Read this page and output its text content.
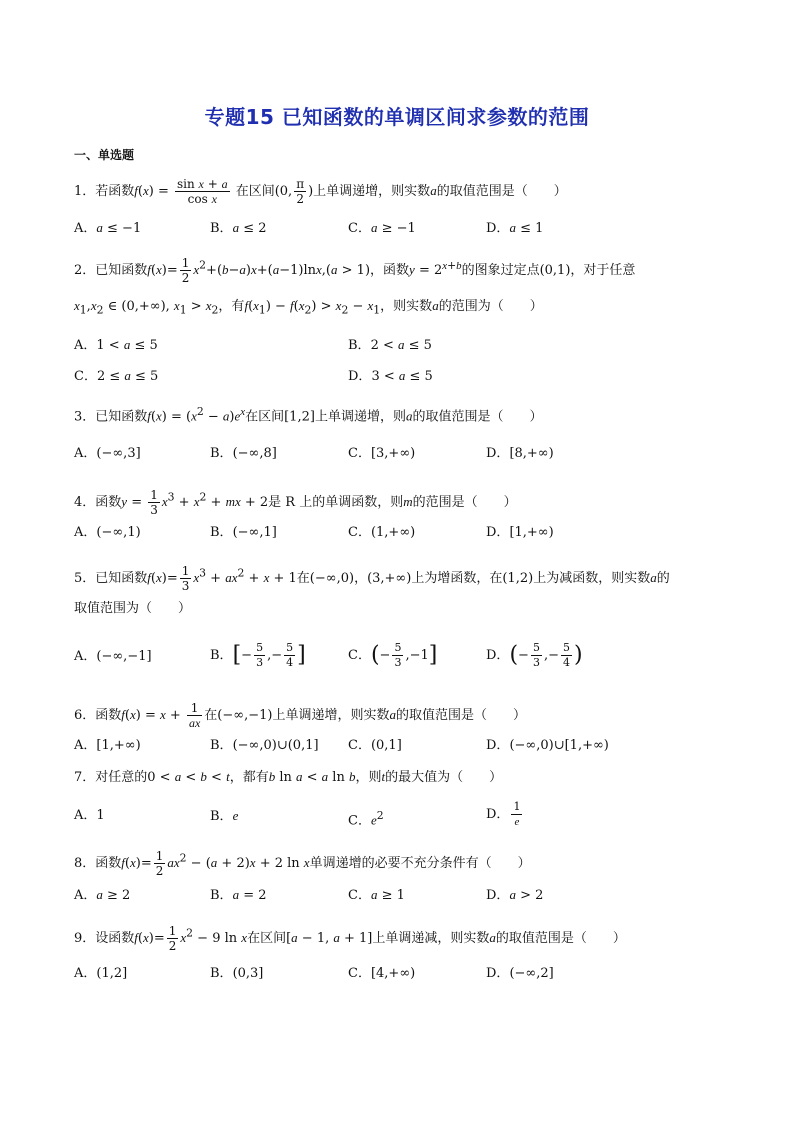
专题15 已知函数的单调区间求参数的范围
一、单选题
1．若函数$f(x) = \frac{\text{sin x + a}}{\text{cos x}}$ 在区间(0, $\frac{\pi}{2}$ )上单调递增，则实数a的取值范围是（　　）
A．a ≤ −1	B．a ≤ 2	C．a ≥ −1	D．a ≤ 1
2．已知函数$f(x)= \frac{1}{2} x^2+(b-a)x+(a-1)\ln x,(a > 1)$，函数$y = 2^{x+b}$的图象过定点(0,1)，对于任意
$x_1,x_2$ ∈ (0,+∞), $x_1 > x_2$，有$f(x_1) - f(x_2) > x_2 - x_1$，则实数a的范围为（　　）
A．1 < a ≤ 5	B．2 < a ≤ 5
C．2 ≤ a ≤ 5	D．3 < a ≤ 5
3．已知函数$f(x) = (x^2 - a)e^x$在区间[1,2]上单调递增，则a的取值范围是（　　）
A．(−∞,3]	B．(−∞,8]	C．[3,+∞)	D．[8,+∞)
4．函数$y = \frac{1}{3} x^3 + x^2$ + mx + 2是 R 上的单调函数，则m的范围是（　　）
A．(−∞,1)	B．(−∞,1]	C．(1,+∞)	D．[1,+∞)
5．已知函数$f(x)= \frac{1}{3} x^3 + ax^2 + x + 1$在(−∞,0)，(3,+∞)上为增函数，在(1,2)上为减函数，则实数a的
取值范围为（　　）
A．(−∞,−1]	B．[− $\frac{5}{3}$ ,− $\frac{5}{4}$ ]	C．(− $\frac{5}{3} ,-1$]	D．(− $\frac{5}{3}$ ,− $\frac{5}{4}$ )
6．函数$f(x) = x + \frac{1}{ax}$ 在(−∞,−1)上单调递增，则实数a的取值范围是（　　）
A．[1,+∞)	B．(−∞,0)∪(0,1] C．(0,1]	D．(−∞,0)∪[1,+∞)
7．对任意的0 < a < b < t，都有b ln a < a ln b，则t的最大值为（　　）
A．1	B．e	C．$e^2$	D． $\frac{1}{e}$
8．函数$f(x)= \frac{1}{2} ax^2 - (a + 2)x + 2$ ln x单调递增的必要不充分条件有（　　）
A．a ≥ 2	B．a = 2	C．a ≥ 1	D．a > 2
9．设函数$f(x)= \frac{1}{2} x^2 - 9$ ln x在区间[a − 1, a + 1]上单调递减，则实数a的取值范围是（　　）
A．(1,2]	B．(0,3]	C．[4,+∞)	D．(−∞,2]
